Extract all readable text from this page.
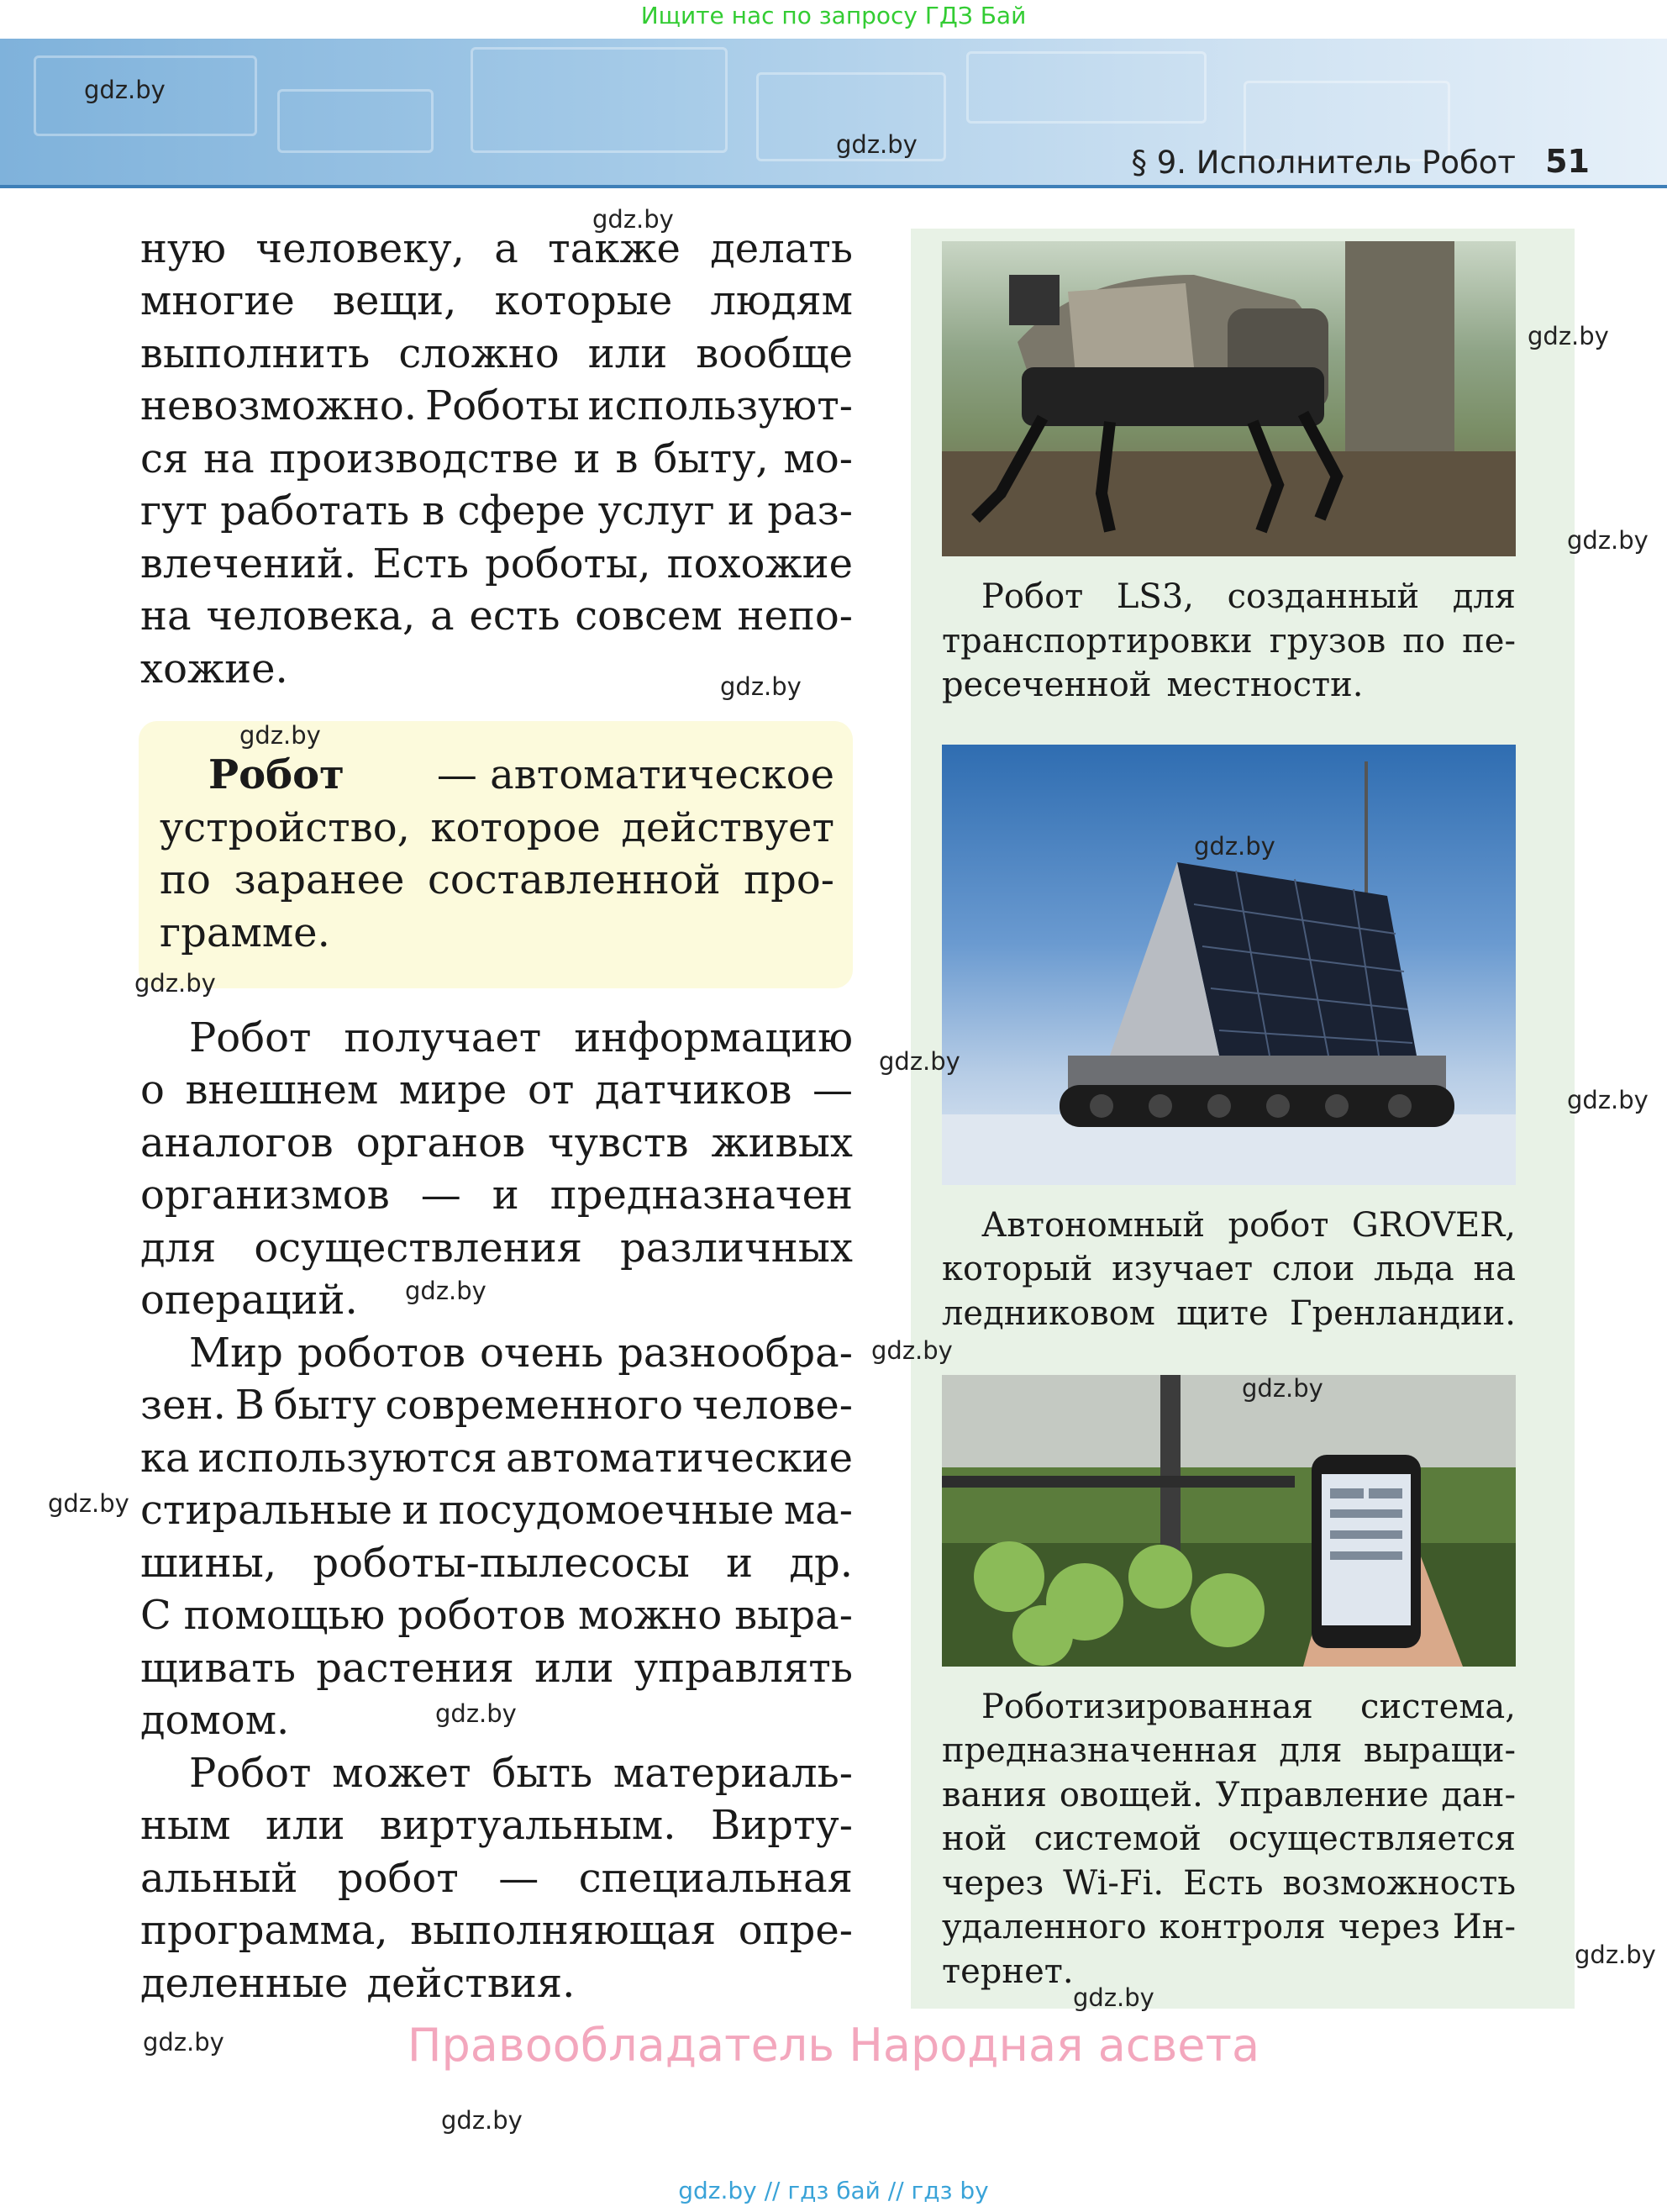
Ищите нас по запросу ГДЗ Бай
§ 9. Исполнитель Робот 51
ную человеку, а также делать
многие вещи, которые людям
выполнить сложно или вообще
невозможно. Роботы используют-
ся на производстве и в быту, мо-
гут работать в сфере услуг и раз-
влечений. Есть роботы, похожие
на человека, а есть совсем непо-
хожие.
Робот — автоматическое
устройство, которое действует
по заранее составленной про-
грамме.
Робот получает информацию
о внешнем мире от датчиков —
аналогов органов чувств живых
организмов — и предназначен
для осуществления различных
операций.
Мир роботов очень разнообра-
зен. В быту современного челове-
ка используются автоматические
стиральные и посудомоечные ма-
шины, роботы-пылесосы и др.
С помощью роботов можно выра-
щивать растения или управлять
домом.
Робот может быть материаль-
ным или виртуальным. Вирту-
альный робот — специальная
программа, выполняющая опре-
деленные действия.
Робот LS3, созданный для
транспортировки грузов по пе-
ресеченной местности.
Автономный робот GROVER,
который изучает слои льда на
ледниковом щите Гренландии.
Роботизированная система,
предназначенная для выращи-
вания овощей. Управление дан-
ной системой осуществляется
через Wi-Fi. Есть возможность
удаленного контроля через Ин-
тернет.
gdz.by
gdz.by
gdz.by
gdz.by
gdz.by
gdz.by
gdz.by
gdz.by
gdz.by
gdz.by
gdz.by
gdz.by
gdz.by
gdz.by
gdz.by
gdz.by
gdz.by
gdz.by
gdz.by
gdz.by
Правообладатель Народная асвета
gdz.by // гдз бай // гдз by
